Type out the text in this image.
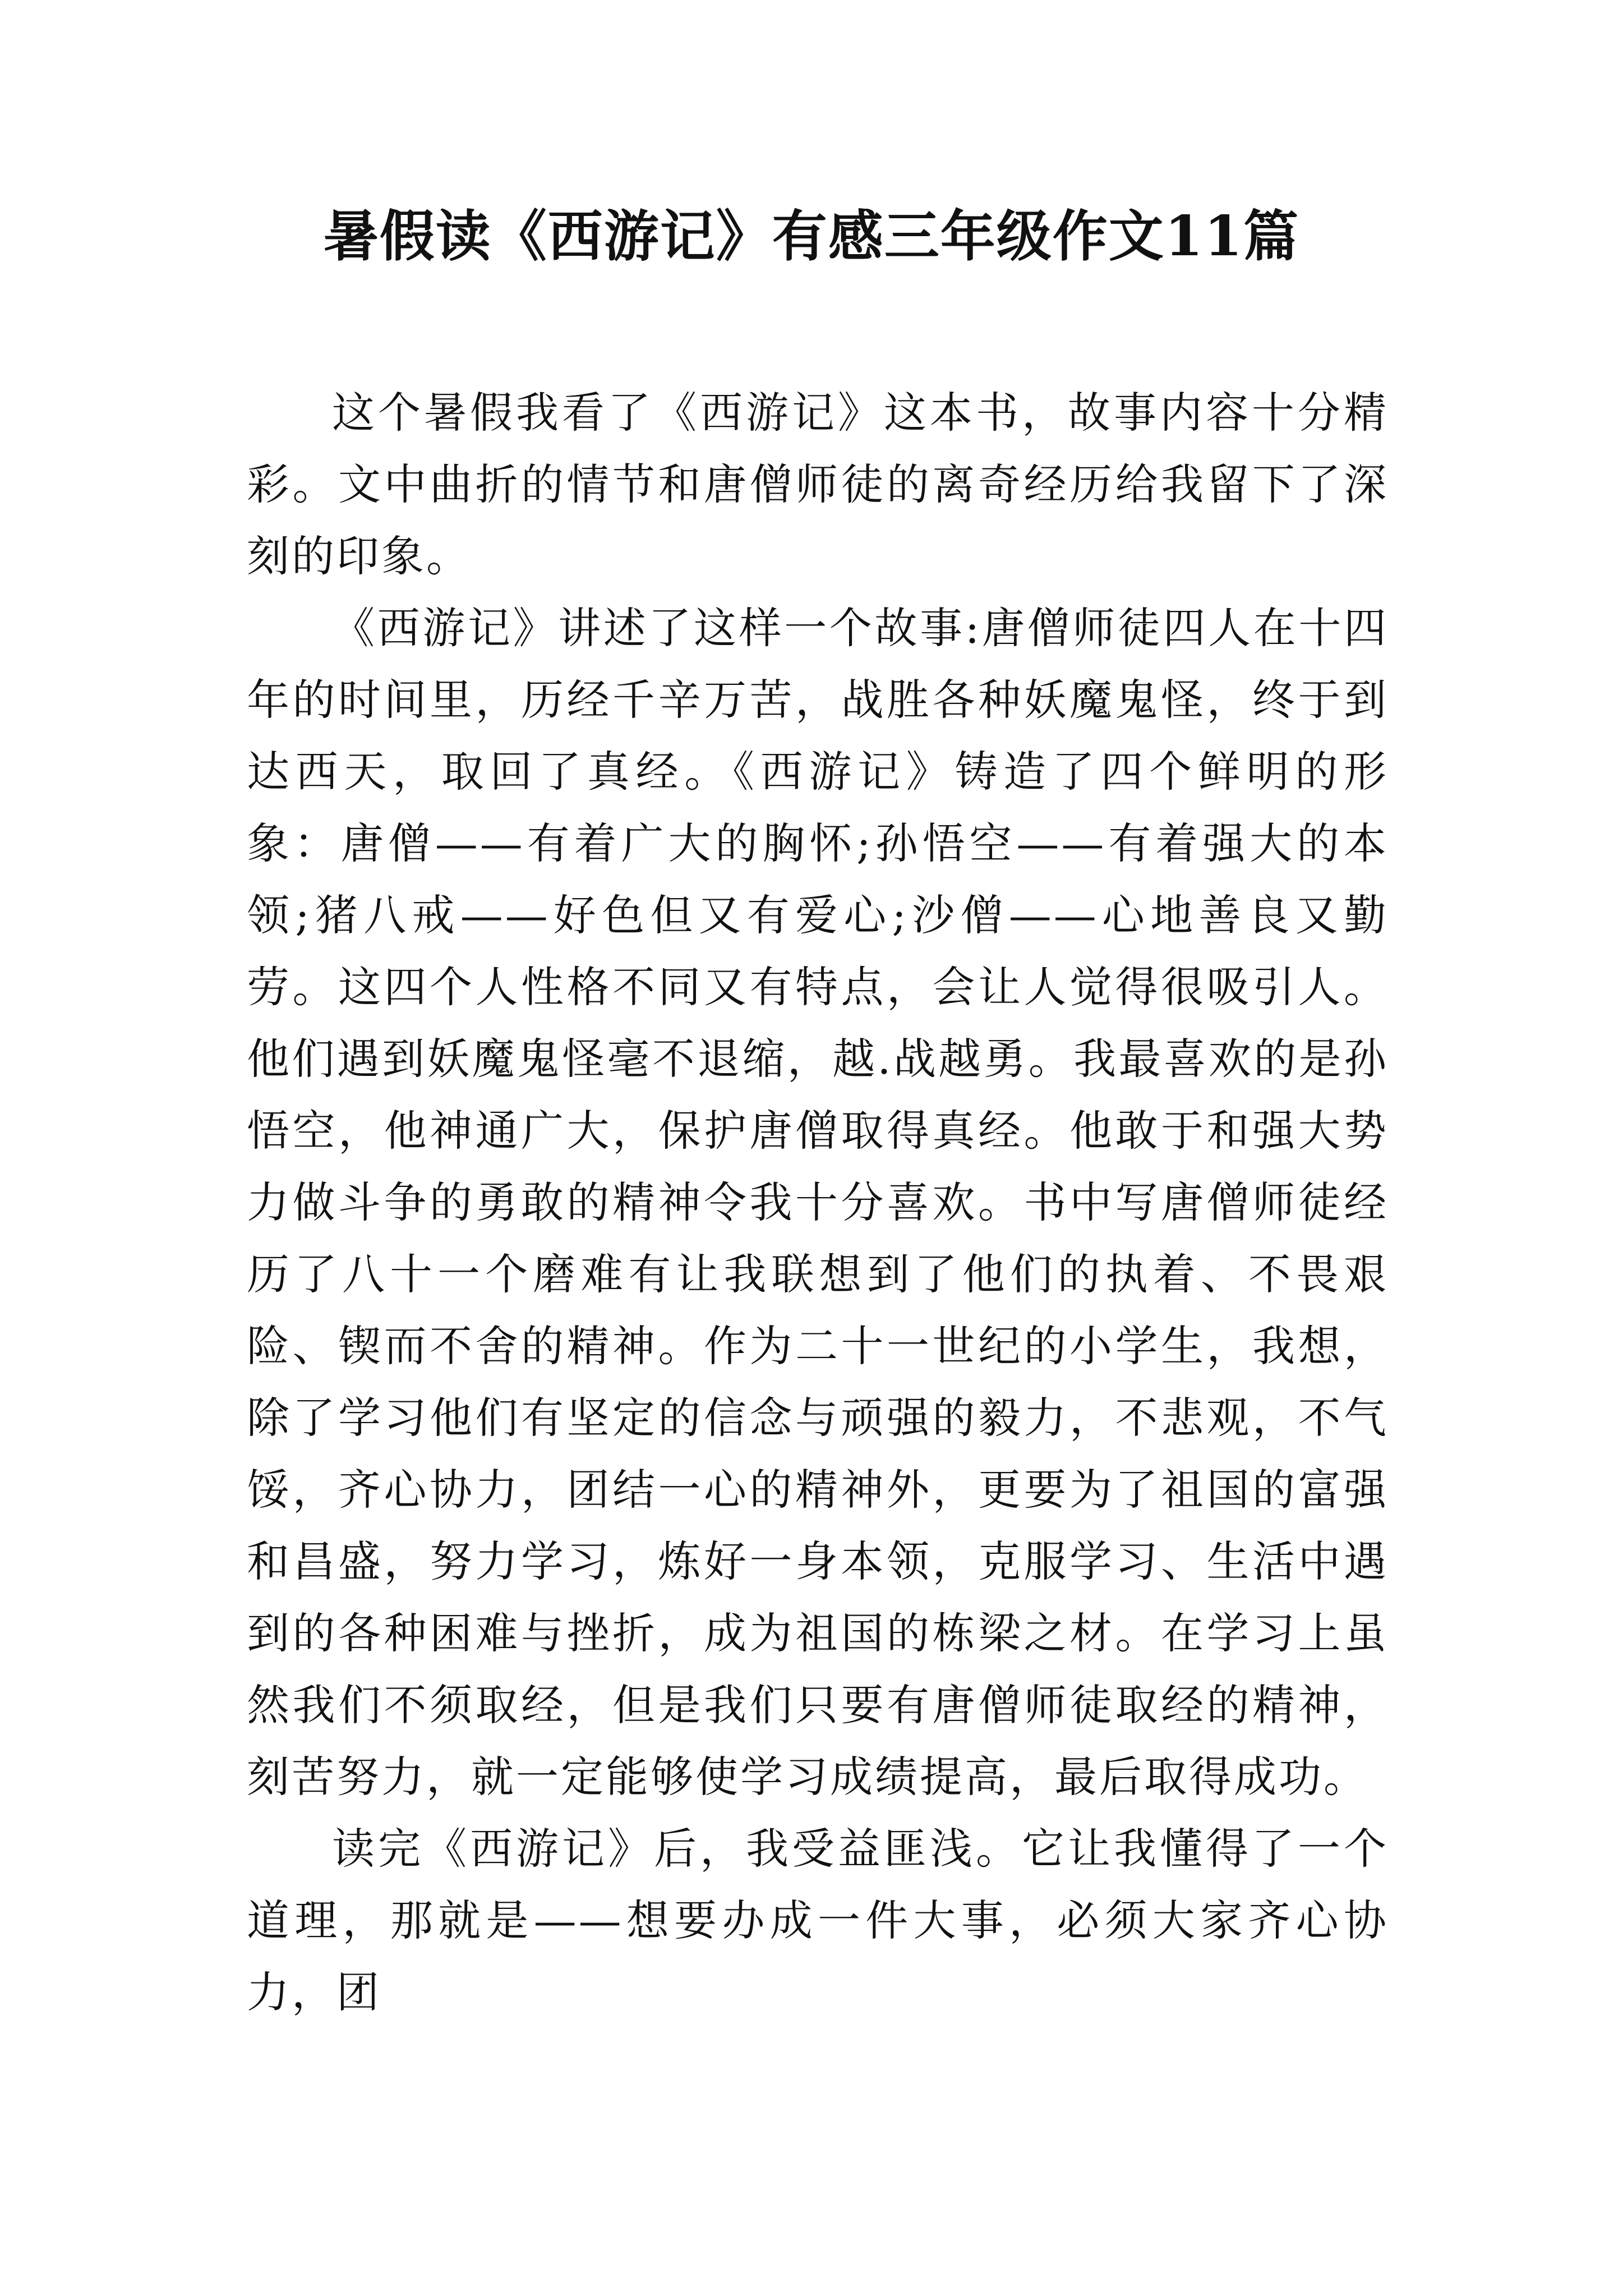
暑假读《西游记》有感三年级作文11篇

这个暑假我看了《西游记》这本书，故事内容十分精彩。文中曲折的情节和唐僧师徒的离奇经历给我留下了深刻的印象。

《西游记》讲述了这样一个故事:唐僧师徒四人在十四年的时间里，历经千辛万苦，战胜各种妖魔鬼怪，终于到达西天，取回了真经。《西游记》铸造了四个鲜明的形象：唐僧——有着广大的胸怀;孙悟空——有着强大的本领;猪八戒——好色但又有爱心;沙僧——心地善良又勤劳。这四个人性格不同又有特点，会让人觉得很吸引人。他们遇到妖魔鬼怪毫不退缩，越.战越勇。我最喜欢的是孙悟空，他神通广大，保护唐僧取得真经。他敢于和强大势力做斗争的勇敢的精神令我十分喜欢。书中写唐僧师徒经历了八十一个磨难有让我联想到了他们的执着、不畏艰险、锲而不舍的精神。作为二十一世纪的小学生，我想，除了学习他们有坚定的信念与顽强的毅力，不悲观，不气馁，齐心协力，团结一心的精神外，更要为了祖国的富强和昌盛，努力学习，炼好一身本领，克服学习、生活中遇到的各种困难与挫折，成为祖国的栋梁之材。在学习上虽然我们不须取经，但是我们只要有唐僧师徒取经的精神，刻苦努力，就一定能够使学习成绩提高，最后取得成功。

读完《西游记》后，我受益匪浅。它让我懂得了一个道理，那就是——想要办成一件大事，必须大家齐心协力，团
